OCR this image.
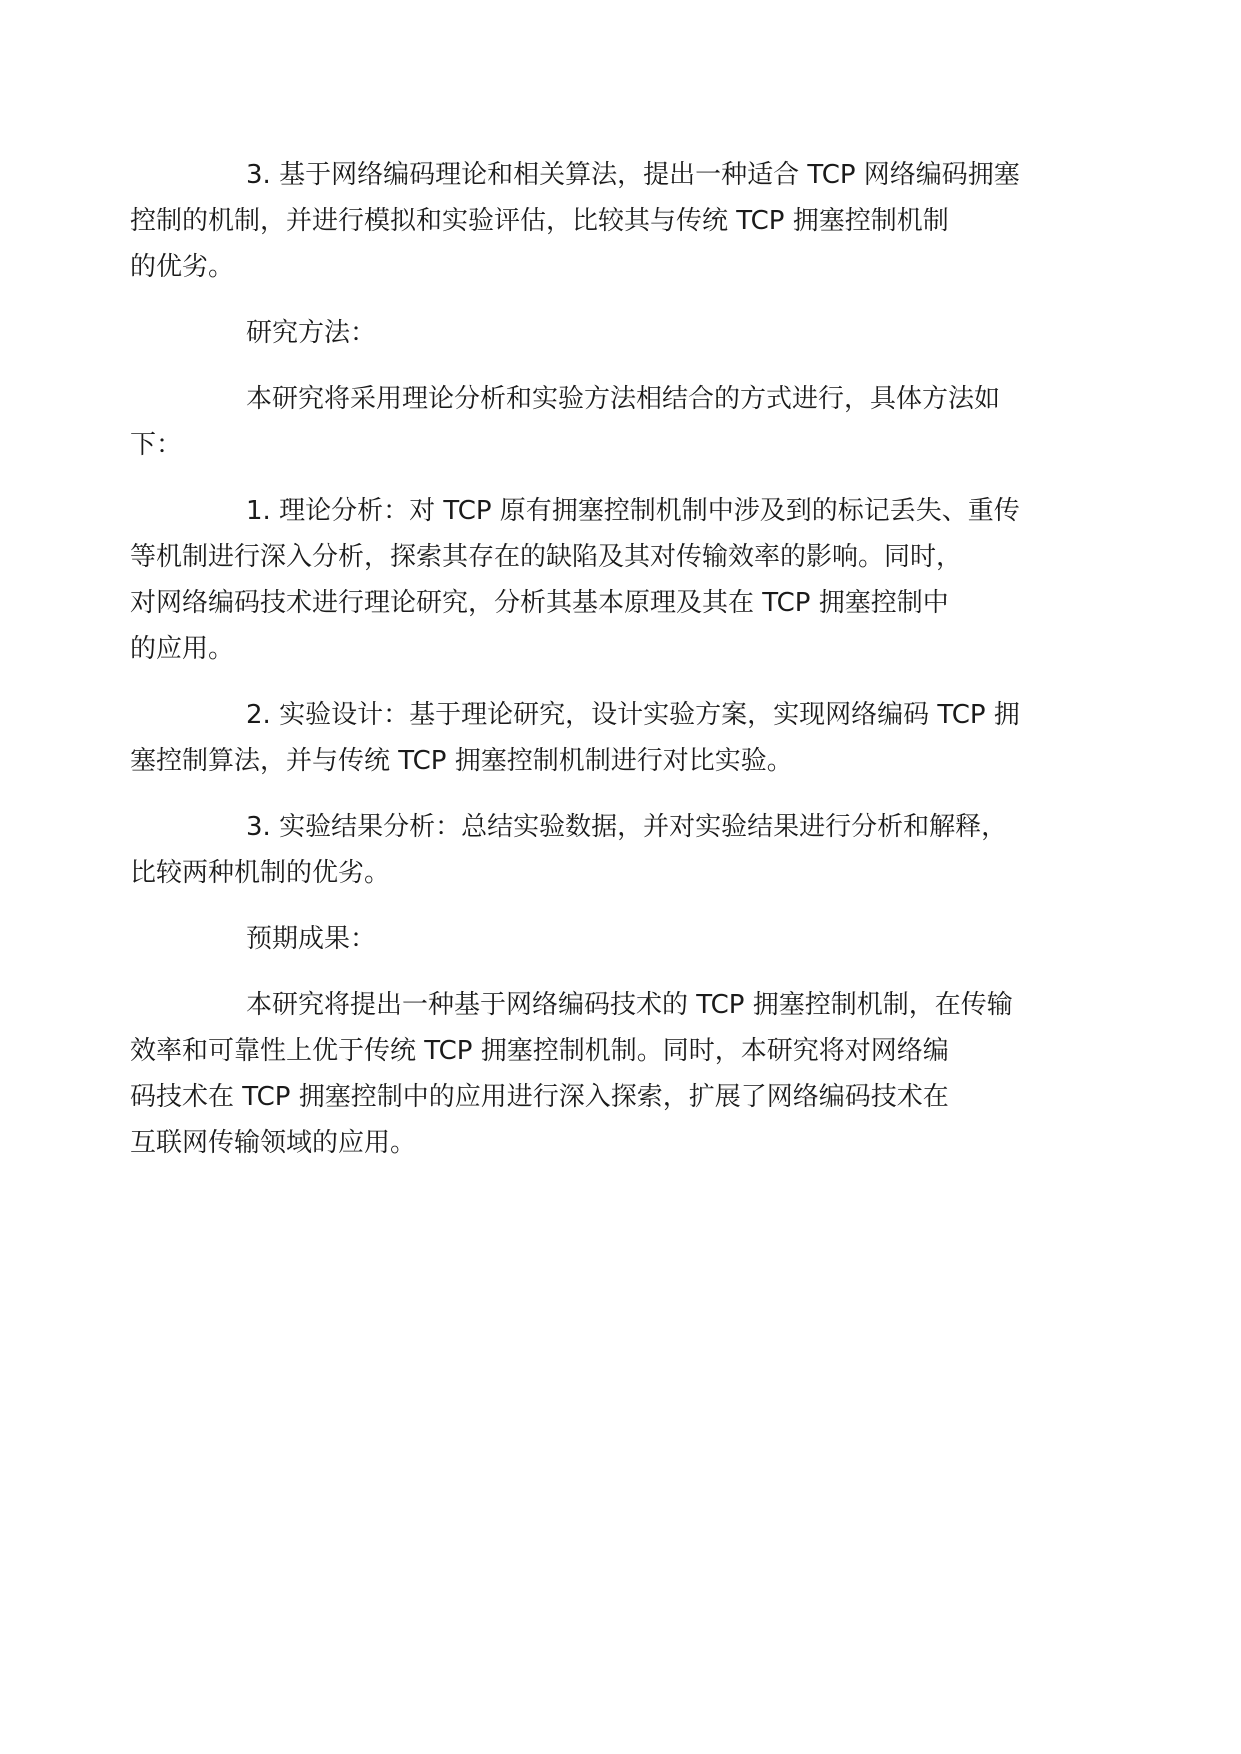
3. 基于网络编码理论和相关算法，提出一种适合 TCP 网络编码拥塞
控制的机制，并进行模拟和实验评估，比较其与传统 TCP 拥塞控制机制
的优劣。

研究方法：

本研究将采用理论分析和实验方法相结合的方式进行，具体方法如
下：

1. 理论分析：对 TCP 原有拥塞控制机制中涉及到的标记丢失、重传
等机制进行深入分析，探索其存在的缺陷及其对传输效率的影响。同时，
对网络编码技术进行理论研究，分析其基本原理及其在 TCP 拥塞控制中
的应用。

2. 实验设计：基于理论研究，设计实验方案，实现网络编码 TCP 拥
塞控制算法，并与传统 TCP 拥塞控制机制进行对比实验。

3. 实验结果分析：总结实验数据，并对实验结果进行分析和解释，
比较两种机制的优劣。

预期成果：

本研究将提出一种基于网络编码技术的 TCP 拥塞控制机制，在传输
效率和可靠性上优于传统 TCP 拥塞控制机制。同时，本研究将对网络编
码技术在 TCP 拥塞控制中的应用进行深入探索，扩展了网络编码技术在
互联网传输领域的应用。
